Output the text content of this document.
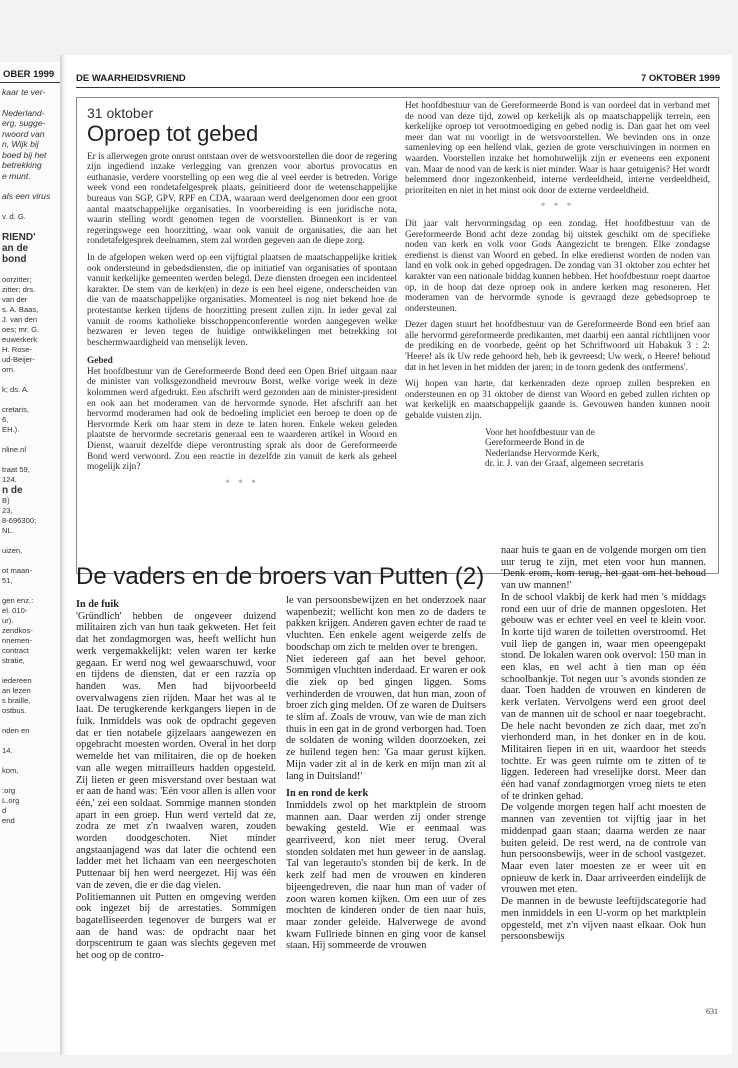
OBER 1999
kaar te ver-
Nederland-
erg, sugge-
rwoord van
n, Wijk bij
boed bij het
betrekking
e munt.
als een virus
v. d. G.
RIEND'
an de
bond
oorzitter;
zitter; drs.
van der
s. A. Baas,
J. van den
oes; mr. G.
euwerkerk
H. Rose-
ud-Beijer-
orn.
k; ds. A.
cretaris,
6,
EH.).
nline.nl
traat 59,
124.
n de
B)
23,
8-696300;
NL.
uizen,
ot maan-
51,
gen enz.:
el. 010-
ur).
zendkos-
nnemen-
contract
stratie,
iedereen
an lezen
s braille,
ostbus.
nden en
14.
kom,
:org
L.org
d
end
DE WAARHEIDSVRIEND	7 OKTOBER 1999
31 oktober
Oproep tot gebed

Er is allerwegen grote onrust ontstaan over de wetsvoorstellen die door de regering zijn ingediend inzake verlegging van grenzen voor abortus provocatus en euthanasie, verdere voorstelling op een weg die al veel eerder is betreden. Vorige week vond een rondetafelgesprek plaats, geïnitieerd door de wetenschappelijke bureaus van SGP, GPV, RPF en CDA, waaraan werd deelgenomen door een groot aantal maatschappelijke organisaties. In voorbereiding is een juridische nota, waarin stelling wordt genomen tegen de voorstellen. Binnenkort is er van regeringswege een hoorzitting, waar ook vanuit de organisaties, die aan het rondetafelgesprek deelnamen, stem zal worden gegeven aan de diepe zorg.

In de afgelopen weken werd op een vijftigtal plaatsen de maatschappelijke kritiek ook ondersteund in gebedsdiensten, die op initiatief van organisaties of spontaan vanuit kerkelijke gemeenten werden belegd. Deze diensten droegen een incidenteel karakter. De stem van de kerk(en) in deze is een heel eigene, onderscheiden van die van de maatschappelijke organisaties. Momenteel is nog niet bekend hoe de protestantse kerken tijdens de hoorzitting present zullen zijn. In ieder geval zal vanuit de rooms katholieke bisschoppenconferentie worden aangegeven welke bezwaren er leven tegen de huidige ontwikkelingen met betrekking tot beschermwaardigheid van menselijk leven.

Gebed

Het hoofdbestuur van de Gereformeerde Bond deed een Open Brief uitgaan naar de minister van volksgezondheid mevrouw Borst, welke vorige week in deze kolommen werd afgedrukt. Een afschrift werd gezonden aan de minister-president en ook aan het moderamen van de hervormde synode. Het afschrift aan het hervormd moderamen had ook de bedoeling impliciet een beroep te doen op de Hervormde Kerk om haar stem in deze te laten horen. Enkele weken geleden plaatste de hervormde secretaris generaal een te waarderen artikel in Woord en Dienst, waaruit dezelfde diepe verontrusting sprak als door de Gereformeerde Bond werd verwoord. Zou een reactie in dezelfde zin vanuit de kerk als geheel mogelijk zijn?

* * *

Het hoofdbestuur van de Gereformeerde Bond is van oordeel dat in verband met de nood van deze tijd, zowel op kerkelijk als op maatschappelijk terrein, een kerkelijke oproep tot verootmoediging en gebed nodig is. Dan gaat het om veel meer dan wat nu voorligt in de wetsvoorstellen. We bevinden ons in onze samenleving op een hellend vlak, gezien de grote verschuivingen in normen en waarden. Voorstellen inzake het homohuwelijk zijn er eveneens een exponent van. Maar de nood van de kerk is niet minder. Waar is haar getuigenis? Het wordt belemmerd door ingezonkenheid, interne verdeeldheid, interne verdeeldheid, prioriteiten en niet in het minst ook door de externe verdeeldheid.

* * *

Dit jaar valt hervormingsdag op een zondag. Het hoofdbestuur van de Gereformeerde Bond acht deze zondag bij uitstek geschikt om de specifieke noden van kerk en volk voor Gods Aangezicht te brengen. Elke zondagse eredienst is dienst van Woord en gebed. In elke eredienst worden de noden van land en volk ook in gebed opgedragen. De zondag van 31 oktober zou echter het karakter van een nationale biddag kunnen hebben. Het hoofdbestuur roept daartoe op, in de hoop dat deze oproep ook in andere kerken mag resoneren. Het moderamen van de hervormde synode is gevraagd deze gebedsoproep te ondersteunen.

Dezer dagen stuurt het hoofdbestuur van de Gereformeerde Bond een brief aan alle hervormd gereformeerde predikanten, met daarbij een aantal richtlijnen voor de prediking en de voorbede, geënt op het Schriftwoord uit Habakuk 3 : 2: 'Heere! als ik Uw rede gehoord heb, heb ik gevreesd; Uw werk, o Heere! behoud dat in het leven in het midden der jaren; in de toorn gedenk des ontfermens'.

Wij hopen van harte, dat kerkenraden deze oproep zullen bespreken en ondersteunen en op 31 oktober de dienst van Woord en gebed zullen richten op wat kerkelijk en maatschappelijk gaande is. Gevouwen handen kunnen nooit gebalde vuisten zijn.

Voor het hoofdbestuur van de
Gereformeerde Bond in de
Nederlandse Hervormde Kerk,
dr. ir. J. van der Graaf, algemeen secretaris
De vaders en de broers van Putten (2)
In de fuik

'Gründlich' hebben de ongeveer duizend militairen zich van hun taak gekweten. Het feit dat het zondagmorgen was, heeft wellicht hun werk vergemakkelijkt: velen waren ter kerke gegaan. Er werd nog wel gewaarschuwd, voor en tijdens de diensten, dat er een razzia op handen was. Men had bijvoorbeeld overvalwagens zien rijden. Maar het was al te laat. De terugkerende kerkgangers liepen in de fuik. Inmiddels was ook de opdracht gegeven dat er tien notabele gijzelaars aangewezen en opgebracht moesten worden. Overal in het dorp wemelde het van militairen, die op de hoeken van alle wegen mitrailleurs hadden opgesteld. Zij lieten er geen misverstand over bestaan wat er aan de hand was: 'Eén voor allen is allen voor één,' zei een soldaat. Sommige mannen stonden apart in een groep. Hun werd verteld dat ze, zodra ze met z'n twaalven waren, zouden worden doodgeschoten. Niet minder angstaanjagend was dat later die ochtend een ladder met het lichaam van een neergeschoten Puttenaar bij hen werd neergezet. Hij was één van de zeven, die er die dag vielen.

Politiemannen uit Putten en omgeving werden ook ingezet bij de arrestaties. Sommigen bagatelliseerden tegenover de burgers wat er aan de hand was: de opdracht naar het dorpscentrum te gaan was slechts gegeven met het oog op de contro-

le van persoonsbewijzen en het onderzoek naar wapenbezit; wellicht kon men zo de daders te pakken krijgen. Anderen gaven echter de raad te vluchten. Een enkele agent weigerde zelfs de boodschap om zich te melden over te brengen.

Niet iedereen gaf aan het bevel gehoor. Sommigen vluchtten inderdaad. Er waren er ook die ziek op bed gingen liggen. Soms verhinderden de vrouwen, dat hun man, zoon of broer zich ging melden. Of ze waren de Duitsers te slim af. Zoals de vrouw, van wie de man zich thuis in een gat in de grond verborgen had. Toen de soldaten de woning wilden doorzoeken, zei ze huilend tegen hen: 'Ga maar gerust kijken. Mijn vader zit al in de kerk en mijn man zit al lang in Duitsland!'

In en rond de kerk

Inmiddels zwol op het marktplein de stroom mannen aan. Daar werden zij onder strenge bewaking gesteld. Wie er eenmaal was gearriveerd, kon niet meer terug. Overal stonden soldaten met hun geweer in de aanslag. Tal van legerauto's stonden bij de kerk. In de kerk zelf had men de vrouwen en kinderen bijeengedreven, die naar hun man of vader of zoon waren komen kijken. Om een uur of zes mochten de kinderen onder de tien naar huis, maar zonder geleide. Halverwege de avond kwam Fullriede binnen en ging voor de kansel staan. Hij sommeerde de vrouwen

naar huis te gaan en de volgende morgen om tien uur terug te zijn, met eten voor hun mannen. 'Denk erom, kom terug, het gaat om het behoud van uw mannen!'

In de school vlakbij de kerk had men 's middags rond een uur of drie de mannen opgesloten. Het gebouw was er echter veel en veel te klein voor. In korte tijd waren de toiletten overstroomd. Het vuil liep de gangen in, waar men opeengepakt stond. De lokalen waren ook overvol: 150 man in een klas, en wel acht à tien man op één schoolbankje. Tot negen uur 's avonds stonden ze daar. Toen hadden de vrouwen en kinderen de kerk verlaten. Vervolgens werd een groot deel van de mannen uit de school er naar toegebracht. De hele nacht bevonden ze zich daar, met zo'n vierhonderd man, in het donker en in de kou. Militairen liepen in en uit, waardoor het steeds tochtte. Er was geen ruimte om te zitten of te liggen. Iedereen had vreselijke dorst. Meer dan één had vanaf zondagmorgen vroeg niets te eten of te drinken gehad.

De volgende morgen tegen half acht moesten de mannen van zeventien tot vijftig jaar in het middenpad gaan staan; daarna werden ze naar buiten geleid. De rest werd, na de controle van hun persoonsbewijs, weer in de school vastgezet. Maar even later moesten ze er weer uit en opnieuw de kerk in. Daar arriveerden eindelijk de vrouwen met eten.

De mannen in de bewuste leeftijdscategorie had men inmiddels in een U-vorm op het marktplein opgesteld, met z'n vijven naast elkaar. Ook hun persoonsbewijs

631
